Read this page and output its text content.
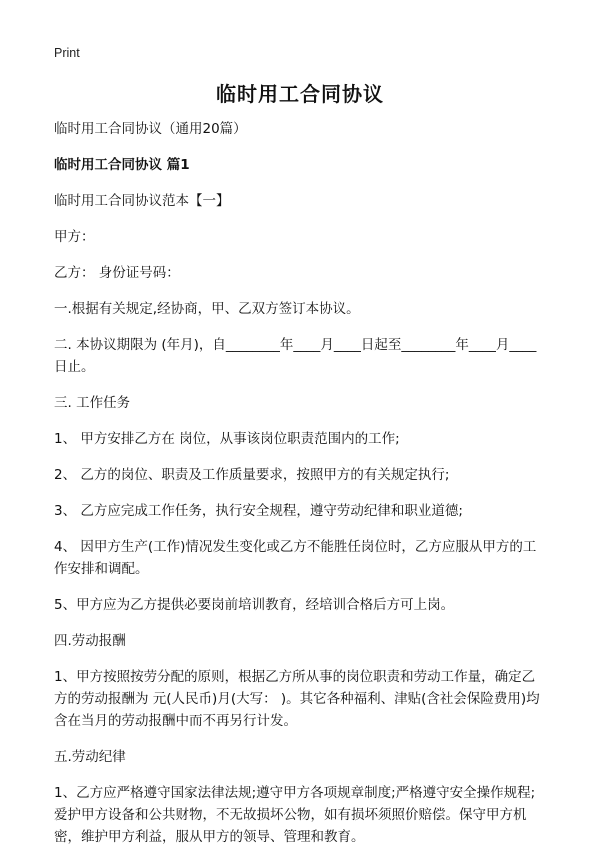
Print
临时用工合同协议

临时用工合同协议（通用20篇）

临时用工合同协议 篇1

临时用工合同协议范本【一】

甲方：

乙方： 身份证号码：

一.根据有关规定,经协商，甲、乙双方签订本协议。

二. 本协议期限为 (年月)，自________年____月____日起至________年____月____日止。

三. 工作任务

1、 甲方安排乙方在 岗位，从事该岗位职责范围内的工作;

2、 乙方的岗位、职责及工作质量要求，按照甲方的有关规定执行;

3、 乙方应完成工作任务，执行安全规程，遵守劳动纪律和职业道德;

4、 因甲方生产(工作)情况发生变化或乙方不能胜任岗位时，乙方应服从甲方的工作安排和调配。

5、甲方应为乙方提供必要岗前培训教育，经培训合格后方可上岗。

四.劳动报酬

1、甲方按照按劳分配的原则，根据乙方所从事的岗位职责和劳动工作量，确定乙方的劳动报酬为 元(人民币)月(大写： )。其它各种福利、津贴(含社会保险费用)均含在当月的劳动报酬中而不再另行计发。

五.劳动纪律

1、乙方应严格遵守国家法律法规;遵守甲方各项规章制度;严格遵守安全操作规程;爱护甲方设备和公共财物，不无故损坏公物，如有损坏须照价赔偿。保守甲方机密，维护甲方利益，服从甲方的领导、管理和教育。
